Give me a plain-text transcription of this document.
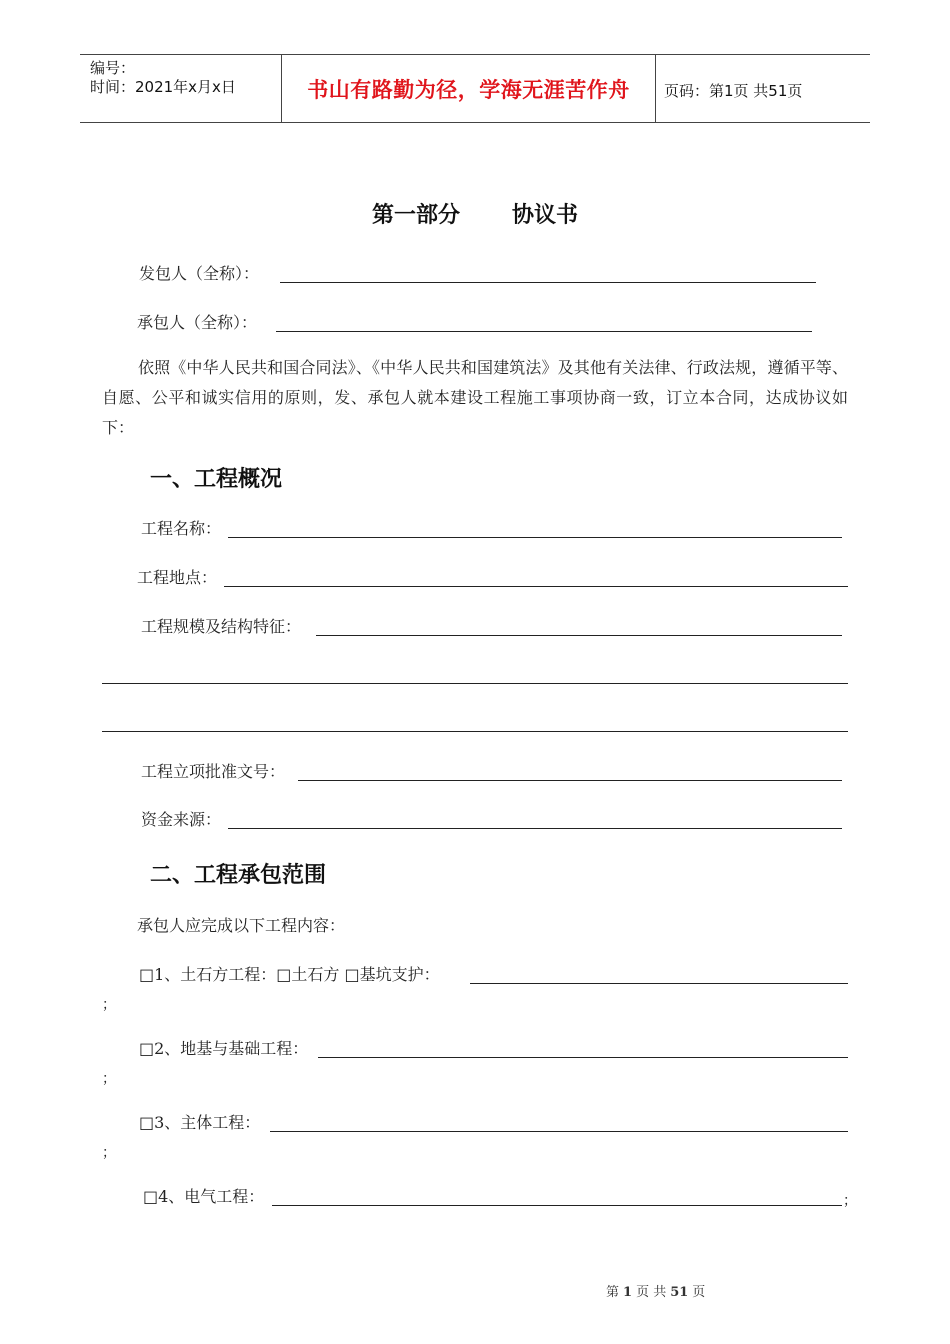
编号：
时间：2021年x月x日	书山有路勤为径，学海无涯苦作舟	页码：第1页 共51页
第一部分 协议书
发包人（全称）：
承包人（全称）：
依照《中华人民共和国合同法》、《中华人民共和国建筑法》及其他有关法律、行政法规，遵循平等、自愿、公平和诚实信用的原则，发、承包人就本建设工程施工事项协商一致，订立本合同，达成协议如下：
一、工程概况
工程名称：
工程地点：
工程规模及结构特征：
工程立项批准文号：
资金来源：
二、工程承包范围
承包人应完成以下工程内容：
□1、土石方工程：□土石方 □基坑支护：
；
□2、地基与基础工程：
；
□3、主体工程：
；
□4、电气工程：	；
第 1 页 共 51 页
